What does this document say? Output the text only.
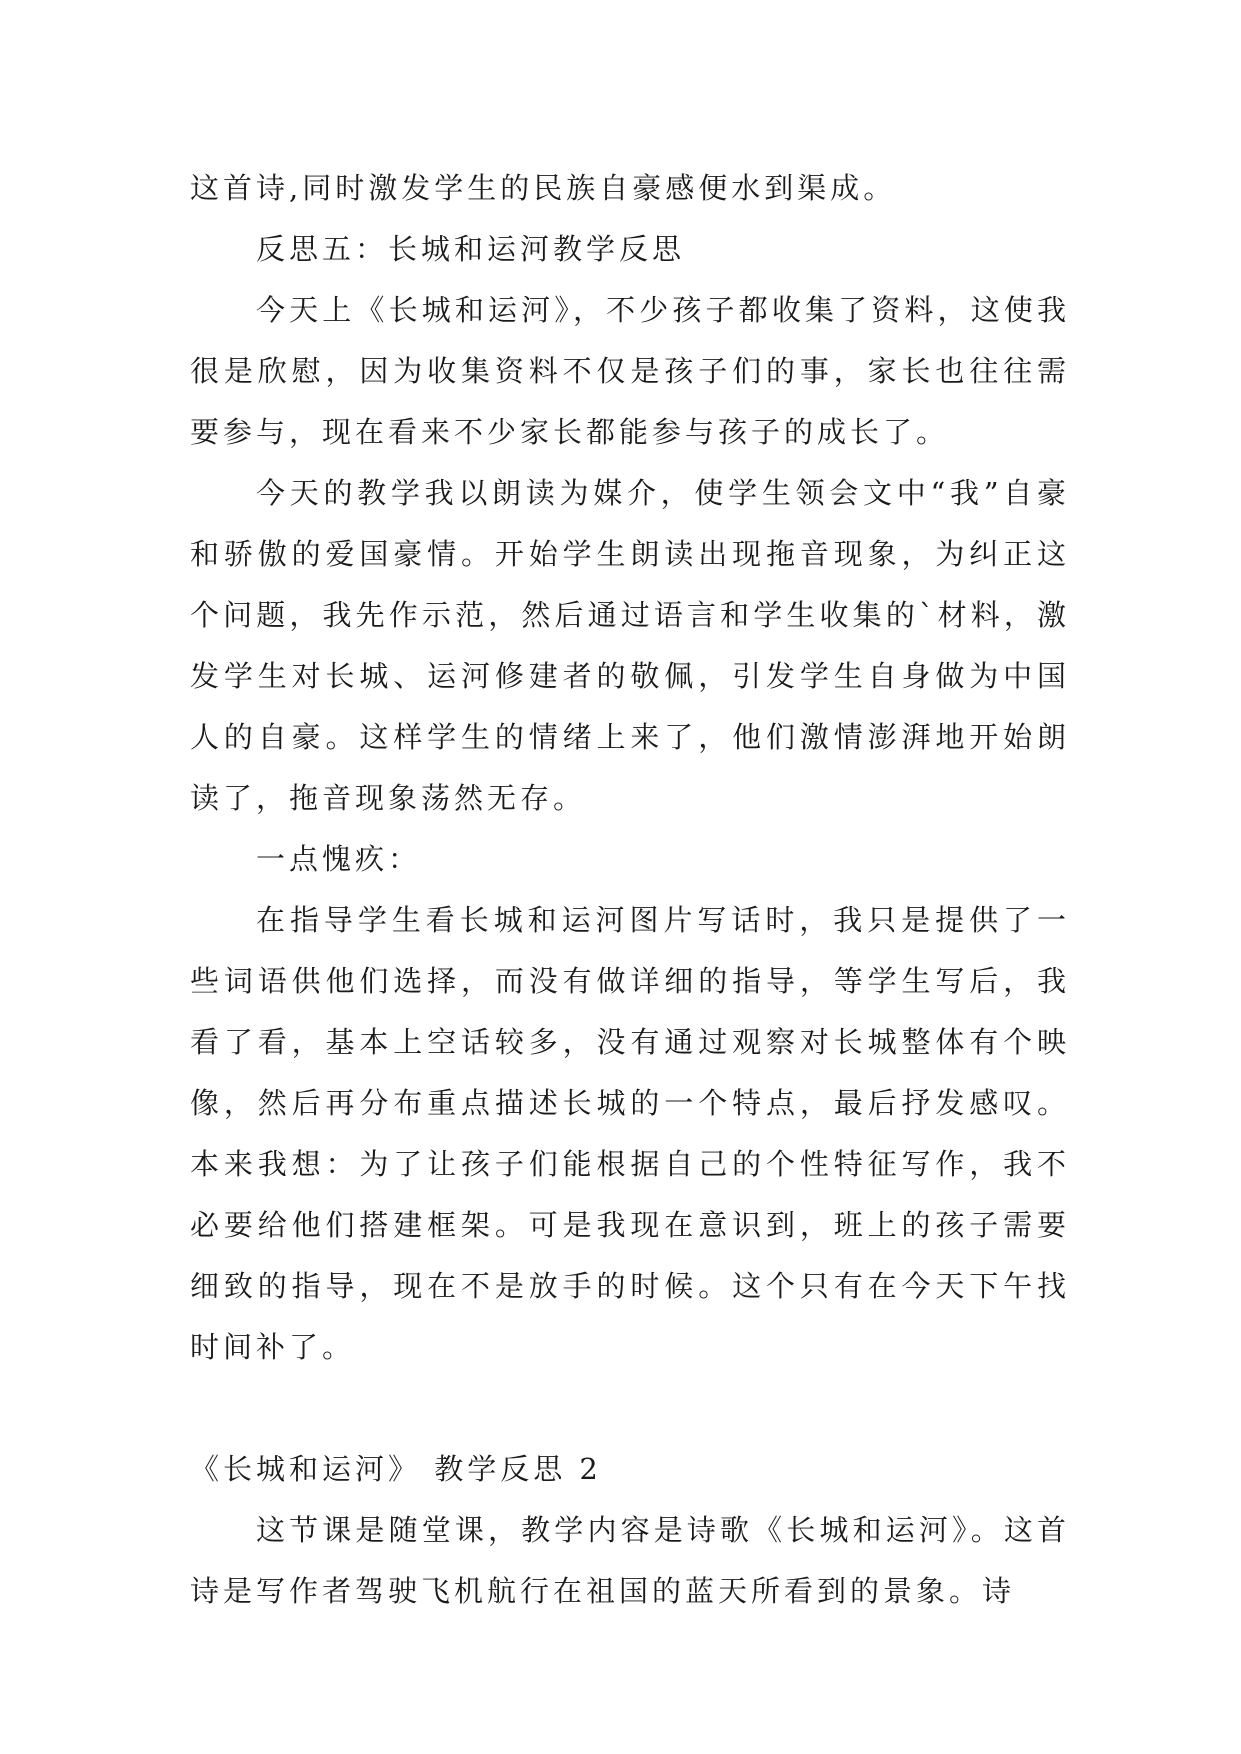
这首诗,同时激发学生的民族自豪感便水到渠成。

反思五：长城和运河教学反思

今天上《长城和运河》，不少孩子都收集了资料，这使我很是欣慰，因为收集资料不仅是孩子们的事，家长也往往需要参与，现在看来不少家长都能参与孩子的成长了。

今天的教学我以朗读为媒介，使学生领会文中“我”自豪和骄傲的爱国豪情。开始学生朗读出现拖音现象，为纠正这个问题，我先作示范，然后通过语言和学生收集的`材料，激发学生对长城、运河修建者的敬佩，引发学生自身做为中国人的自豪。这样学生的情绪上来了，他们激情澎湃地开始朗读了，拖音现象荡然无存。

一点愧疚：

在指导学生看长城和运河图片写话时，我只是提供了一些词语供他们选择，而没有做详细的指导，等学生写后，我看了看，基本上空话较多，没有通过观察对长城整体有个映像，然后再分布重点描述长城的一个特点，最后抒发感叹。本来我想：为了让孩子们能根据自己的个性特征写作，我不必要给他们搭建框架。可是我现在意识到，班上的孩子需要细致的指导，现在不是放手的时候。这个只有在今天下午找时间补了。

《长城和运河》 教学反思 2

这节课是随堂课，教学内容是诗歌《长城和运河》。这首诗是写作者驾驶飞机航行在祖国的蓝天所看到的景象。诗
